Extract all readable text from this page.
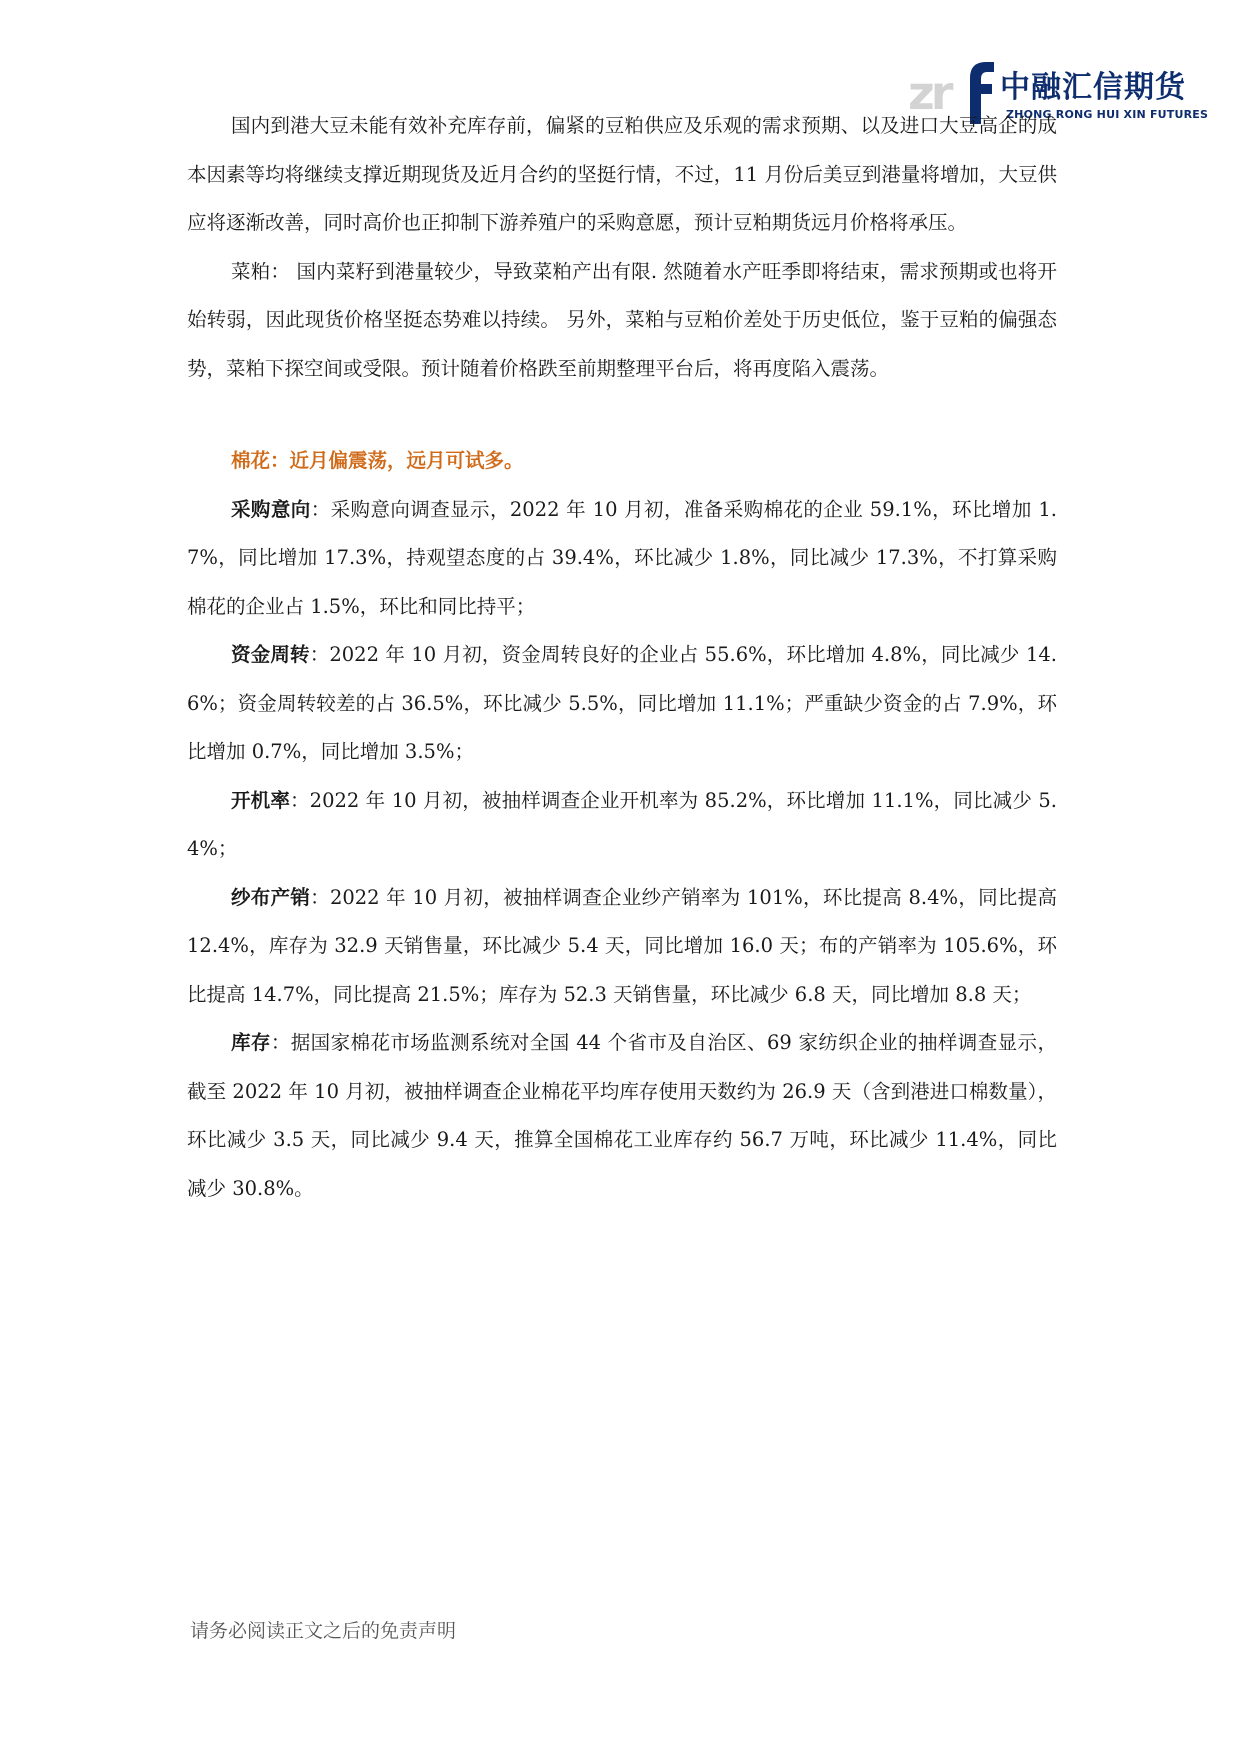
zr 中融汇信期货
ZHONG RONG HUI XIN FUTURES

国内到港大豆未能有效补充库存前，偏紧的豆粕供应及乐观的需求预期、以及进口大豆高企的成本因素等均将继续支撑近期现货及近月合约的坚挺行情，不过，11 月份后美豆到港量将增加，大豆供应将逐渐改善，同时高价也正抑制下游养殖户的采购意愿，预计豆粕期货远月价格将承压。

菜粕： 国内菜籽到港量较少，导致菜粕产出有限. 然随着水产旺季即将结束，需求预期或也将开始转弱，因此现货价格坚挺态势难以持续。 另外，菜粕与豆粕价差处于历史低位，鉴于豆粕的偏强态势，菜粕下探空间或受限。预计随着价格跌至前期整理平台后，将再度陷入震荡。

棉花：近月偏震荡，远月可试多。

采购意向：采购意向调查显示，2022 年 10 月初，准备采购棉花的企业 59.1%，环比增加 1.7%，同比增加 17.3%，持观望态度的占 39.4%，环比减少 1.8%，同比减少 17.3%，不打算采购棉花的企业占 1.5%，环比和同比持平；

资金周转：2022 年 10 月初，资金周转良好的企业占 55.6%，环比增加 4.8%，同比减少 14.6%；资金周转较差的占 36.5%，环比减少 5.5%，同比增加 11.1%；严重缺少资金的占 7.9%，环比增加 0.7%，同比增加 3.5%；

开机率：2022 年 10 月初，被抽样调查企业开机率为 85.2%，环比增加 11.1%，同比减少 5.4%；

纱布产销：2022 年 10 月初，被抽样调查企业纱产销率为 101%，环比提高 8.4%，同比提高 12.4%，库存为 32.9 天销售量，环比减少 5.4 天，同比增加 16.0 天；布的产销率为 105.6%，环比提高 14.7%，同比提高 21.5%；库存为 52.3 天销售量，环比减少 6.8 天，同比增加 8.8 天；

库存：据国家棉花市场监测系统对全国 44 个省市及自治区、69 家纺织企业的抽样调查显示，截至 2022 年 10 月初，被抽样调查企业棉花平均库存使用天数约为 26.9 天（含到港进口棉数量），环比减少 3.5 天，同比减少 9.4 天，推算全国棉花工业库存约 56.7 万吨，环比减少 11.4%，同比减少 30.8%。

请务必阅读正文之后的免责声明
